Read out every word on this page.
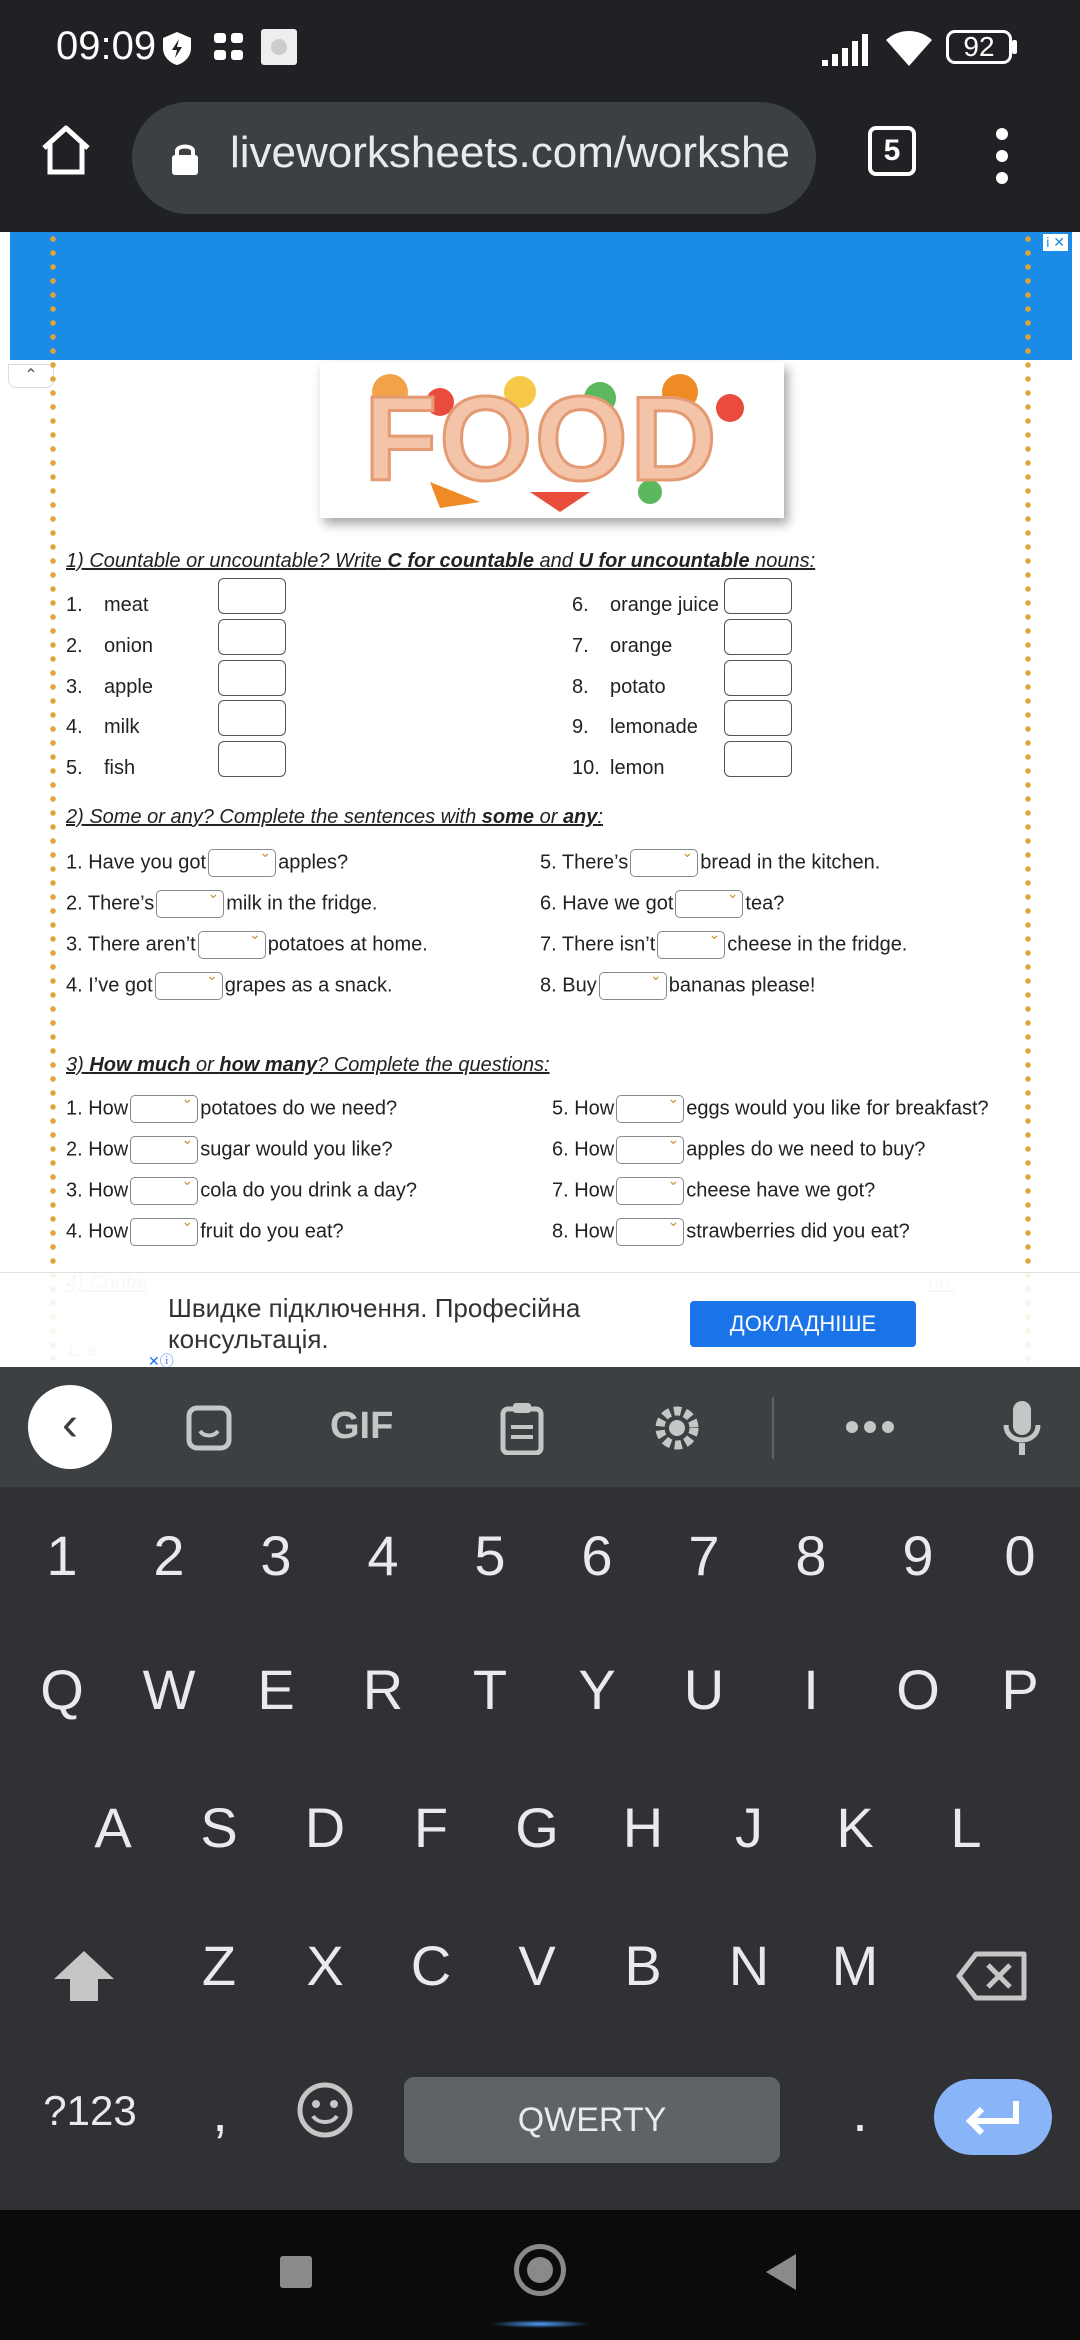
09:09	92
liveworksheets.com/workshe	5
i ✕
⌃	FOOD
1) Countable or uncountable? Write C for countable and U for uncountable nouns:
1. meat
2. onion
3. apple
4. milk
5. fish
6. orange juice
7. orange
8. potato
9. lemonade
10. lemon
2) Some or any? Complete the sentences with some or any:
1. Have you got ⌄	apples?
2. There’s ⌄	milk in the fridge.
3. There aren’t ⌄	potatoes at home.
4. I’ve got ⌄	grapes as a snack.
5. There’s ⌄	bread in the kitchen.
6. Have we got ⌄	tea?
7. There isn’t ⌄	cheese in the fridge.
8. Buy ⌄	bananas please!
3) How much or how many? Complete the questions:
1. How ⌄	potatoes do we need?
2. How ⌄	sugar would you like?
3. How ⌄	cola do you drink a day?
4. How ⌄	fruit do you eat?
5. How ⌄	eggs would you like for breakfast?
6. How ⌄	apples do we need to buy?
7. How ⌄	cheese have we got?
8. How ⌄	strawberries did you eat?
Швидке підключення. Професійна консультація.
ДОКЛАДНІШЕ
✕ⓘ
‹	GIF
1	2	3	4	5	6	7	8	9	0
Q	W	E	R	T	Y	U	I	O	P
A	S	D	F	G	H	J	K	L
Z	X	C	V	B	N	M
?123	,	QWERTY	.
